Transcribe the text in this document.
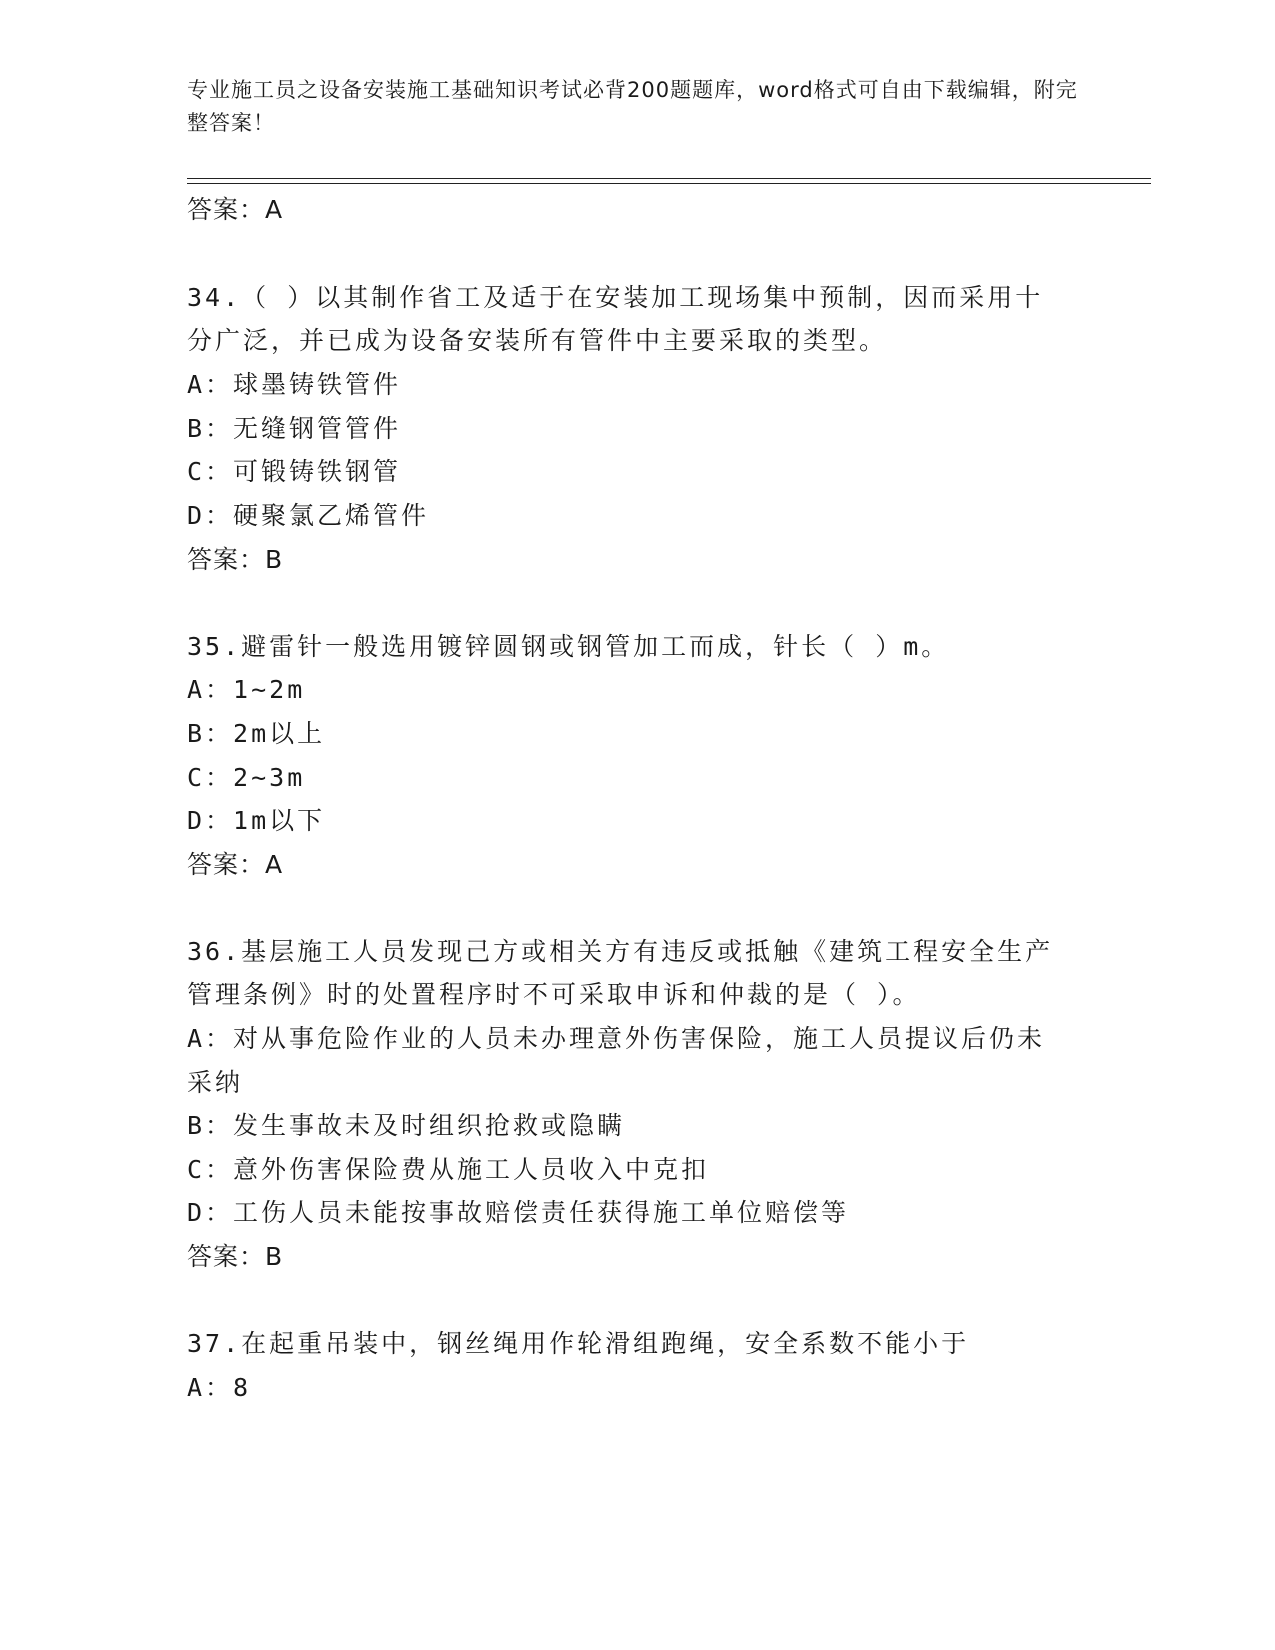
专业施工员之设备安装施工基础知识考试必背200题题库，word格式可自由下载编辑，附完整答案！
答案：A
34.（ ）以其制作省工及适于在安装加工现场集中预制，因而采用十
分广泛，并已成为设备安装所有管件中主要采取的类型。
A：球墨铸铁管件
B：无缝钢管管件
C：可锻铸铁钢管
D：硬聚氯乙烯管件
答案：B
35.避雷针一般选用镀锌圆钢或钢管加工而成，针长（ ）m。
A：1~2m
B：2m以上
C：2~3m
D：1m以下
答案：A
36.基层施工人员发现己方或相关方有违反或抵触《建筑工程安全生产
管理条例》时的处置程序时不可采取申诉和仲裁的是（ ）。
A：对从事危险作业的人员未办理意外伤害保险，施工人员提议后仍未
采纳
B：发生事故未及时组织抢救或隐瞒
C：意外伤害保险费从施工人员收入中克扣
D：工伤人员未能按事故赔偿责任获得施工单位赔偿等
答案：B
37.在起重吊装中，钢丝绳用作轮滑组跑绳，安全系数不能小于
A：8
